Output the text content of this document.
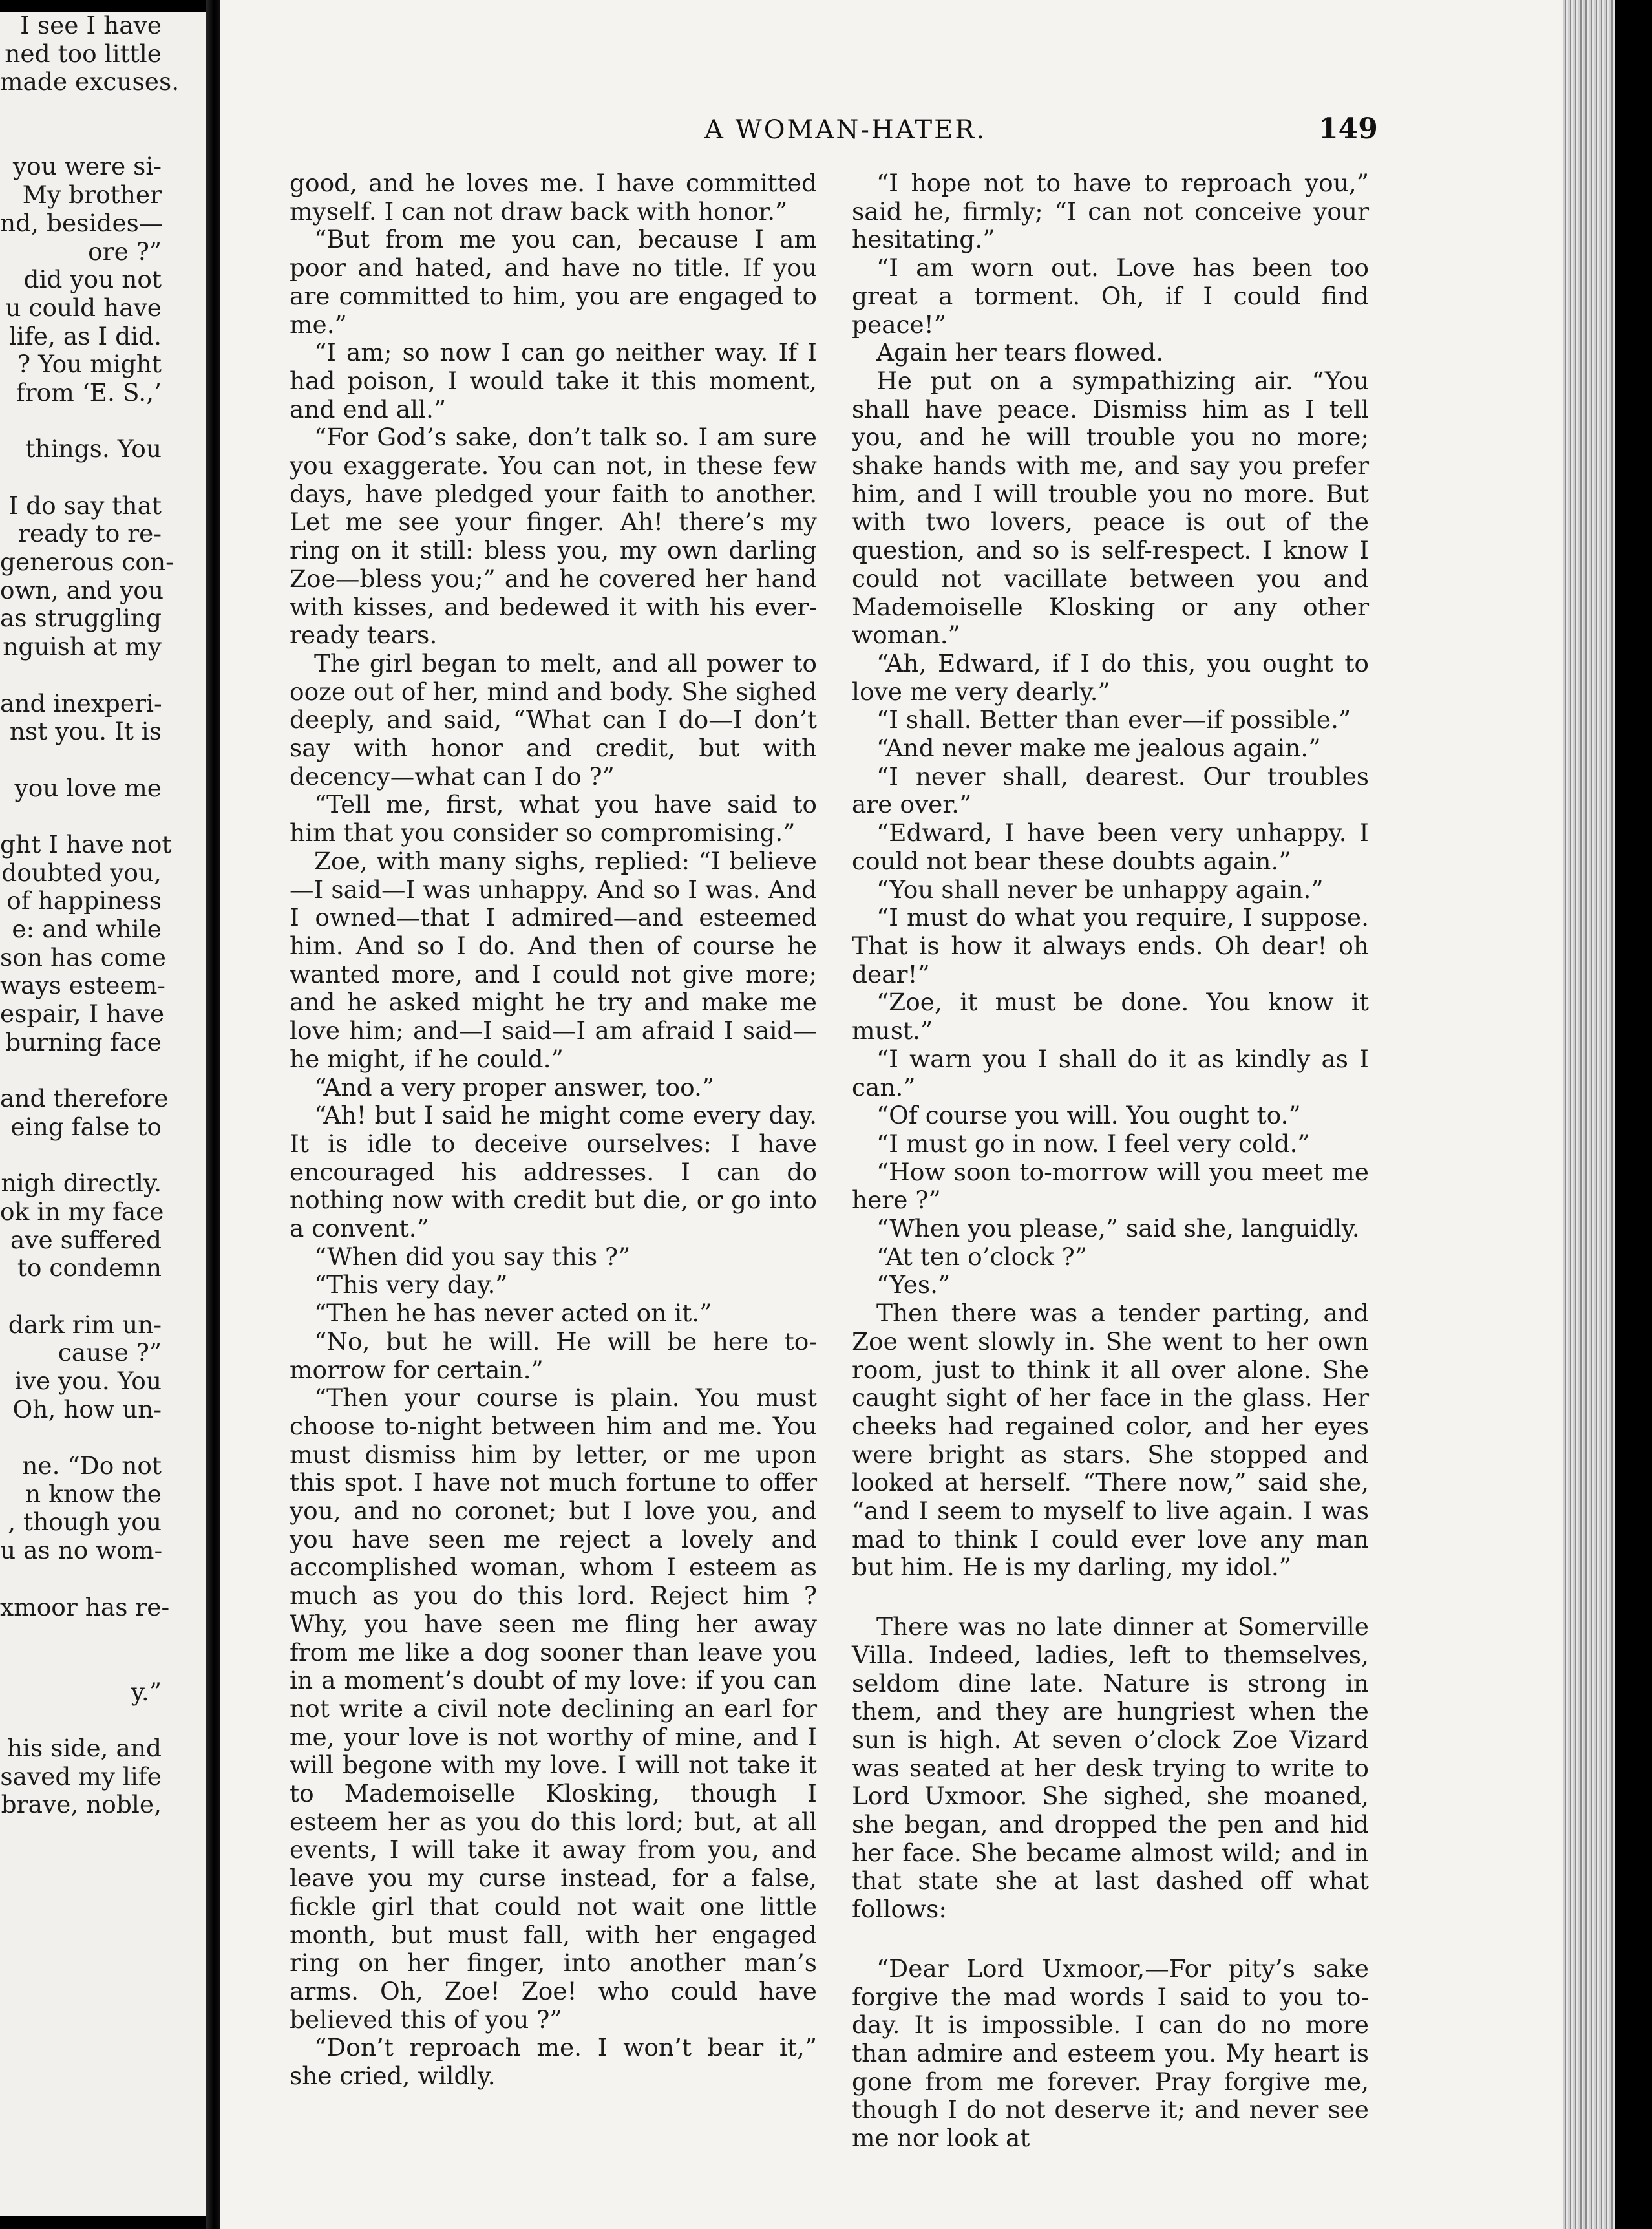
I see I have
ned too little
made excuses.
you were si-
My brother
nd, besides—
ore ?”
did you not
u could have
life, as I did.
? You might
from ‘E. S.,’
things. You
I do say that
ready to re-
generous con-
own, and you
as struggling
nguish at my
and inexperi-
nst you. It is
you love me
ght I have not
doubted you,
of happiness
e: and while
son has come
ways esteem-
espair, I have
burning face
and therefore
eing false to
nigh directly.
ok in my face
ave suffered
to condemn
dark rim un-
cause ?”
ive you. You
Oh, how un-
ne. “Do not
n know the
, though you
u as no wom-
xmoor has re-
y.”
his side, and
saved my life
brave, noble,
A WOMAN-HATER.	149

good, and he loves me. I have committed myself. I can not draw back with honor.”

“But from me you can, because I am poor and hated, and have no title. If you are committed to him, you are engaged to me.”

“I am; so now I can go neither way. If I had poison, I would take it this moment, and end all.”

“For God’s sake, don’t talk so. I am sure you exaggerate. You can not, in these few days, have pledged your faith to another. Let me see your finger. Ah! there’s my ring on it still: bless you, my own darling Zoe—bless you;” and he covered her hand with kisses, and bedewed it with his ever-ready tears.

The girl began to melt, and all power to ooze out of her, mind and body. She sighed deeply, and said, “What can I do—I don’t say with honor and credit, but with decency—what can I do ?”

“Tell me, first, what you have said to him that you consider so compromising.”

Zoe, with many sighs, replied: “I believe—I said—I was unhappy. And so I was. And I owned—that I admired—and esteemed him. And so I do. And then of course he wanted more, and I could not give more; and he asked might he try and make me love him; and—I said—I am afraid I said—he might, if he could.”

“And a very proper answer, too.”

“Ah! but I said he might come every day. It is idle to deceive ourselves: I have encouraged his addresses. I can do nothing now with credit but die, or go into a convent.”

“When did you say this ?”

“This very day.”

“Then he has never acted on it.”

“No, but he will. He will be here to-morrow for certain.”

“Then your course is plain. You must choose to-night between him and me. You must dismiss him by letter, or me upon this spot. I have not much fortune to offer you, and no coronet; but I love you, and you have seen me reject a lovely and accomplished woman, whom I esteem as much as you do this lord. Reject him ? Why, you have seen me fling her away from me like a dog sooner than leave you in a moment’s doubt of my love: if you can not write a civil note declining an earl for me, your love is not worthy of mine, and I will begone with my love. I will not take it to Mademoiselle Klosking, though I esteem her as you do this lord; but, at all events, I will take it away from you, and leave you my curse instead, for a false, fickle girl that could not wait one little month, but must fall, with her engaged ring on her finger, into another man’s arms. Oh, Zoe! Zoe! who could have believed this of you ?”

“Don’t reproach me. I won’t bear it,” she cried, wildly.

“I hope not to have to reproach you,” said he, firmly; “I can not conceive your hesitating.”

“I am worn out. Love has been too great a torment. Oh, if I could find peace!”

Again her tears flowed.

He put on a sympathizing air. “You shall have peace. Dismiss him as I tell you, and he will trouble you no more; shake hands with me, and say you prefer him, and I will trouble you no more. But with two lovers, peace is out of the question, and so is self-respect. I know I could not vacillate between you and Mademoiselle Klosking or any other woman.”

“Ah, Edward, if I do this, you ought to love me very dearly.”

“I shall. Better than ever—if possible.”

“And never make me jealous again.”

“I never shall, dearest. Our troubles are over.”

“Edward, I have been very unhappy. I could not bear these doubts again.”

“You shall never be unhappy again.”

“I must do what you require, I suppose. That is how it always ends. Oh dear! oh dear!”

“Zoe, it must be done. You know it must.”

“I warn you I shall do it as kindly as I can.”

“Of course you will. You ought to.”

“I must go in now. I feel very cold.”

“How soon to-morrow will you meet me here ?”

“When you please,” said she, languidly.

“At ten o’clock ?”

“Yes.”

Then there was a tender parting, and Zoe went slowly in. She went to her own room, just to think it all over alone. She caught sight of her face in the glass. Her cheeks had regained color, and her eyes were bright as stars. She stopped and looked at herself. “There now,” said she, “and I seem to myself to live again. I was mad to think I could ever love any man but him. He is my darling, my idol.”

There was no late dinner at Somerville Villa. Indeed, ladies, left to themselves, seldom dine late. Nature is strong in them, and they are hungriest when the sun is high. At seven o’clock Zoe Vizard was seated at her desk trying to write to Lord Uxmoor. She sighed, she moaned, she began, and dropped the pen and hid her face. She became almost wild; and in that state she at last dashed off what follows:

“Dear Lord Uxmoor,—For pity’s sake forgive the mad words I said to you to-day. It is impossible. I can do no more than admire and esteem you. My heart is gone from me forever. Pray forgive me, though I do not deserve it; and never see me nor look at
